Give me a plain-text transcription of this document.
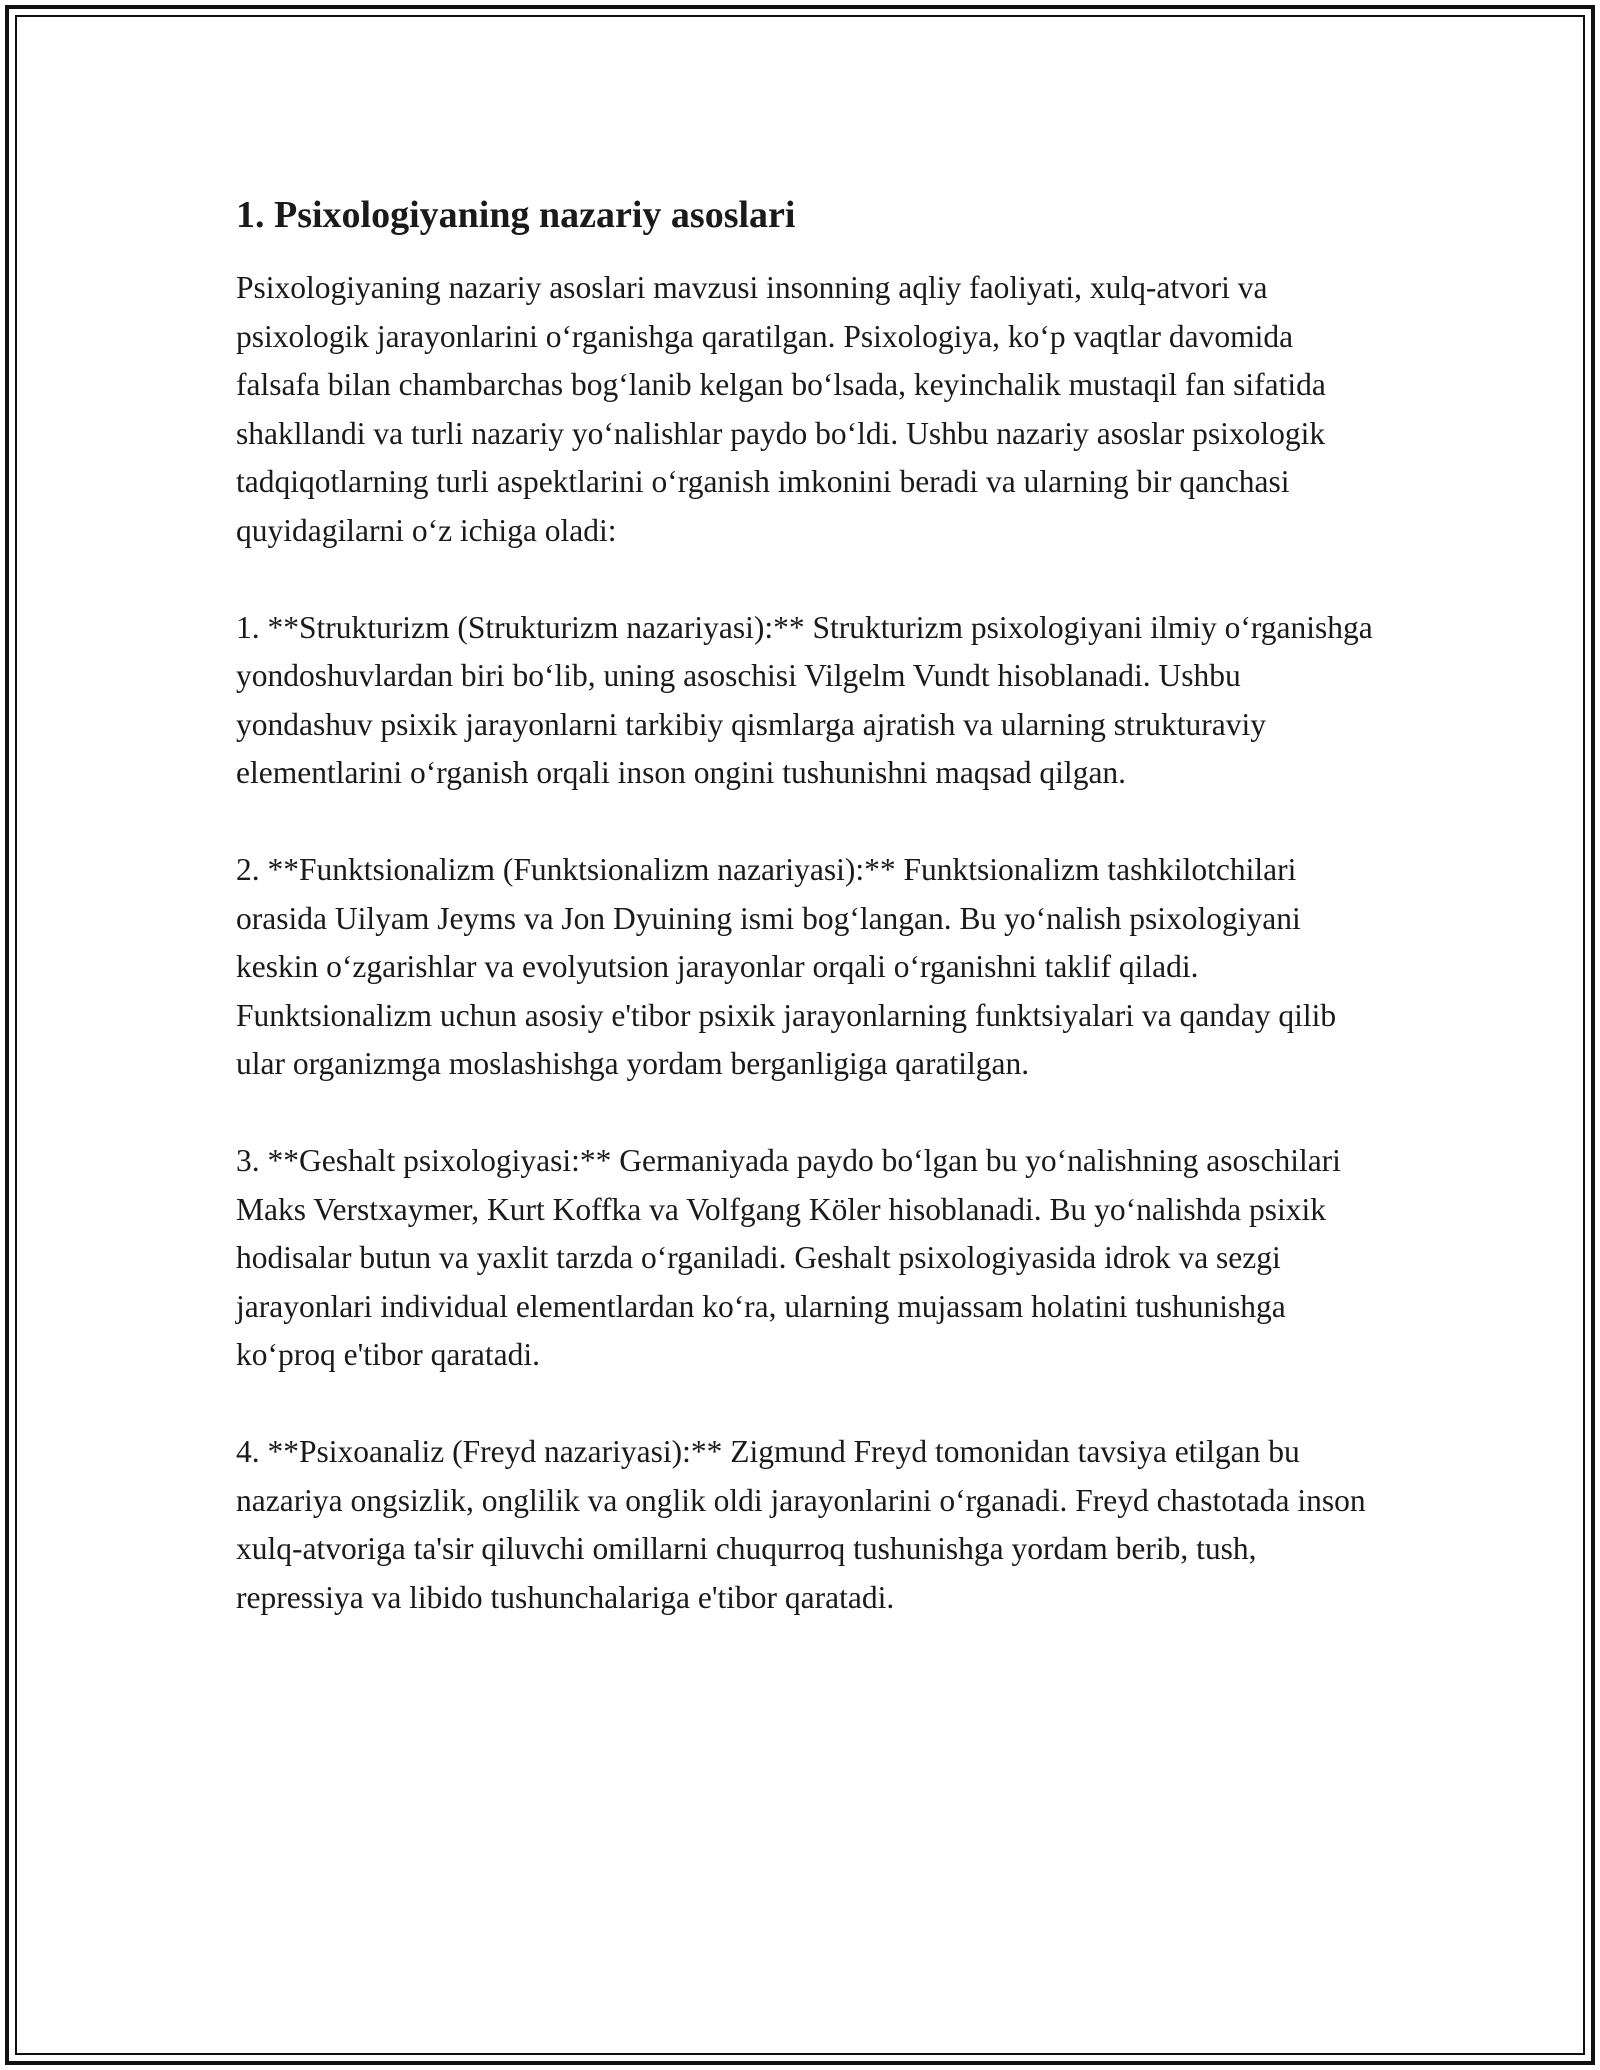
1. Psixologiyaning nazariy asoslari

Psixologiyaning nazariy asoslari mavzusi insonning aqliy faoliyati, xulq-atvori va psixologik jarayonlarini o‘rganishga qaratilgan. Psixologiya, ko‘p vaqtlar davomida falsafa bilan chambarchas bog‘lanib kelgan bo‘lsada, keyinchalik mustaqil fan sifatida shakllandi va turli nazariy yo‘nalishlar paydo bo‘ldi. Ushbu nazariy asoslar psixologik tadqiqotlarning turli aspektlarini o‘rganish imkonini beradi va ularning bir qanchasi quyidagilarni o‘z ichiga oladi:

1. **Strukturizm (Strukturizm nazariyasi):** Strukturizm psixologiyani ilmiy o‘rganishga yondoshuvlardan biri bo‘lib, uning asoschisi Vilgelm Vundt hisoblanadi. Ushbu yondashuv psixik jarayonlarni tarkibiy qismlarga ajratish va ularning strukturaviy elementlarini o‘rganish orqali inson ongini tushunishni maqsad qilgan.

2. **Funktsionalizm (Funktsionalizm nazariyasi):** Funktsionalizm tashkilotchilari orasida Uilyam Jeyms va Jon Dyuining ismi bog‘langan. Bu yo‘nalish psixologiyani keskin o‘zgarishlar va evolyutsion jarayonlar orqali o‘rganishni taklif qiladi. Funktsionalizm uchun asosiy e'tibor psixik jarayonlarning funktsiyalari va qanday qilib ular organizmga moslashishga yordam berganligiga qaratilgan.

3. **Geshalt psixologiyasi:** Germaniyada paydo bo‘lgan bu yo‘nalishning asoschilari Maks Verstxaymer, Kurt Koffka va Volfgang Köler hisoblanadi. Bu yo‘nalishda psixik hodisalar butun va yaxlit tarzda o‘rganiladi. Geshalt psixologiyasida idrok va sezgi jarayonlari individual elementlardan ko‘ra, ularning mujassam holatini tushunishga ko‘proq e'tibor qaratadi.

4. **Psixoanaliz (Freyd nazariyasi):** Zigmund Freyd tomonidan tavsiya etilgan bu nazariya ongsizlik, onglilik va onglik oldi jarayonlarini o‘rganadi. Freyd chastotada inson xulq-atvoriga ta'sir qiluvchi omillarni chuqurroq tushunishga yordam berib, tush, repressiya va libido tushunchalariga e'tibor qaratadi.
